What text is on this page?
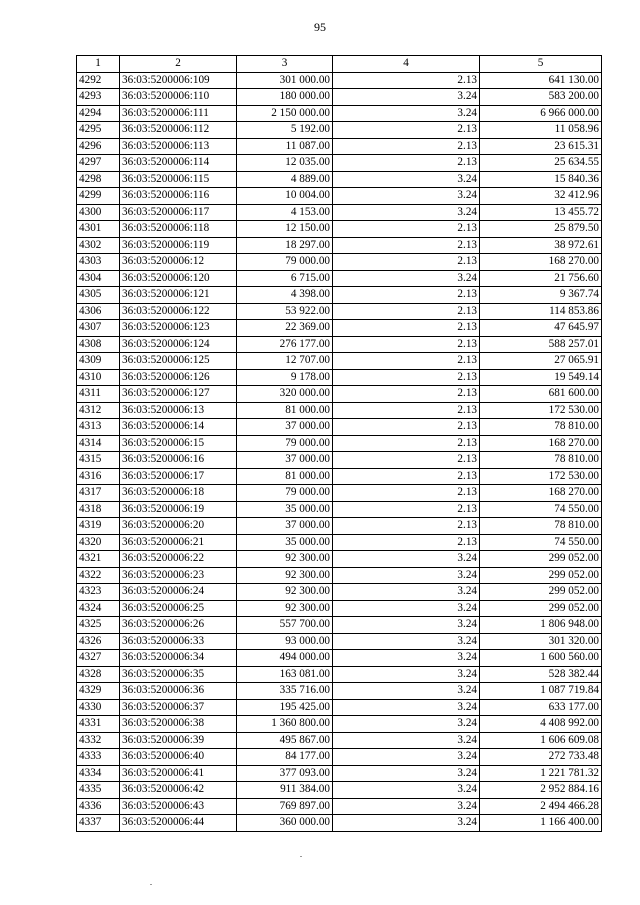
95
1	2	3	4	5
4292	36:03:5200006:109	301 000.00	2.13	641 130.00
4293	36:03:5200006:110	180 000.00	3.24	583 200.00
4294	36:03:5200006:111	2 150 000.00	3.24	6 966 000.00
4295	36:03:5200006:112	5 192.00	2.13	11 058.96
4296	36:03:5200006:113	11 087.00	2.13	23 615.31
4297	36:03:5200006:114	12 035.00	2.13	25 634.55
4298	36:03:5200006:115	4 889.00	3.24	15 840.36
4299	36:03:5200006:116	10 004.00	3.24	32 412.96
4300	36:03:5200006:117	4 153.00	3.24	13 455.72
4301	36:03:5200006:118	12 150.00	2.13	25 879.50
4302	36:03:5200006:119	18 297.00	2.13	38 972.61
4303	36:03:5200006:12	79 000.00	2.13	168 270.00
4304	36:03:5200006:120	6 715.00	3.24	21 756.60
4305	36:03:5200006:121	4 398.00	2.13	9 367.74
4306	36:03:5200006:122	53 922.00	2.13	114 853.86
4307	36:03:5200006:123	22 369.00	2.13	47 645.97
4308	36:03:5200006:124	276 177.00	2.13	588 257.01
4309	36:03:5200006:125	12 707.00	2.13	27 065.91
4310	36:03:5200006:126	9 178.00	2.13	19 549.14
4311	36:03:5200006:127	320 000.00	2.13	681 600.00
4312	36:03:5200006:13	81 000.00	2.13	172 530.00
4313	36:03:5200006:14	37 000.00	2.13	78 810.00
4314	36:03:5200006:15	79 000.00	2.13	168 270.00
4315	36:03:5200006:16	37 000.00	2.13	78 810.00
4316	36:03:5200006:17	81 000.00	2.13	172 530.00
4317	36:03:5200006:18	79 000.00	2.13	168 270.00
4318	36:03:5200006:19	35 000.00	2.13	74 550.00
4319	36:03:5200006:20	37 000.00	2.13	78 810.00
4320	36:03:5200006:21	35 000.00	2.13	74 550.00
4321	36:03:5200006:22	92 300.00	3.24	299 052.00
4322	36:03:5200006:23	92 300.00	3.24	299 052.00
4323	36:03:5200006:24	92 300.00	3.24	299 052.00
4324	36:03:5200006:25	92 300.00	3.24	299 052.00
4325	36:03:5200006:26	557 700.00	3.24	1 806 948.00
4326	36:03:5200006:33	93 000.00	3.24	301 320.00
4327	36:03:5200006:34	494 000.00	3.24	1 600 560.00
4328	36:03:5200006:35	163 081.00	3.24	528 382.44
4329	36:03:5200006:36	335 716.00	3.24	1 087 719.84
4330	36:03:5200006:37	195 425.00	3.24	633 177.00
4331	36:03:5200006:38	1 360 800.00	3.24	4 408 992.00
4332	36:03:5200006:39	495 867.00	3.24	1 606 609.08
4333	36:03:5200006:40	84 177.00	3.24	272 733.48
4334	36:03:5200006:41	377 093.00	3.24	1 221 781.32
4335	36:03:5200006:42	911 384.00	3.24	2 952 884.16
4336	36:03:5200006:43	769 897.00	3.24	2 494 466.28
4337	36:03:5200006:44	360 000.00	3.24	1 166 400.00
